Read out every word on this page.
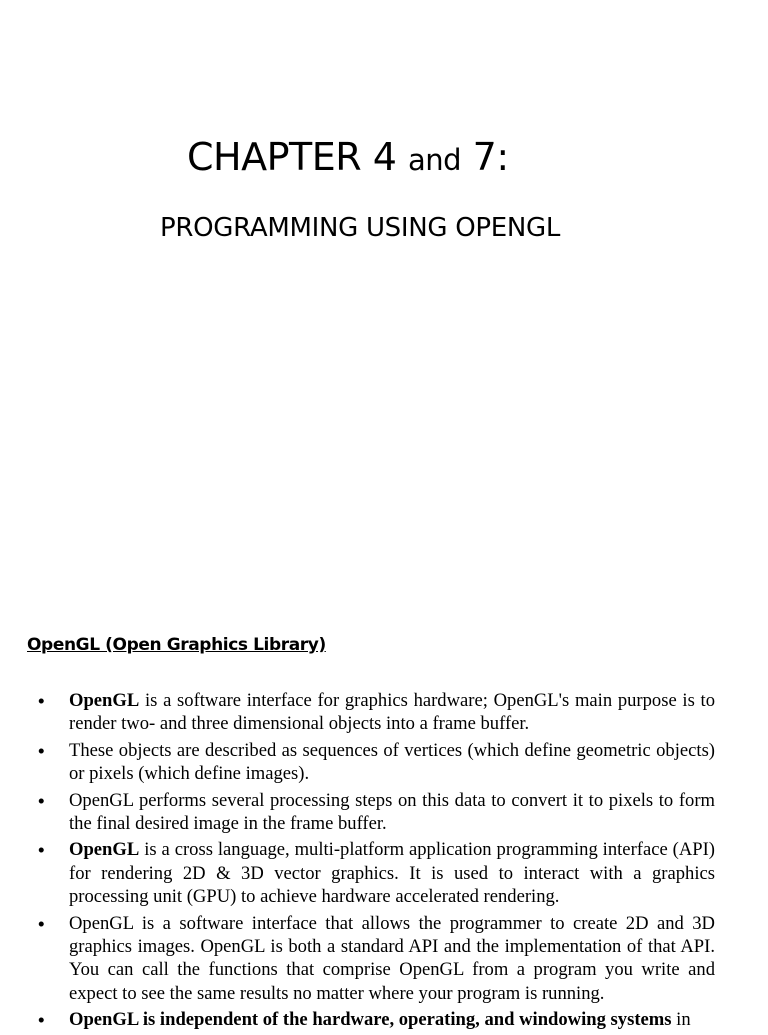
CHAPTER 4 and 7:
PROGRAMMING USING OPENGL
OpenGL (Open Graphics Library)
• OpenGL is a software interface for graphics hardware; OpenGL's main purpose is to render two- and three dimensional objects into a frame buffer.
• These objects are described as sequences of vertices (which define geometric objects) or pixels (which define images).
• OpenGL performs several processing steps on this data to convert it to pixels to form the final desired image in the frame buffer.
• OpenGL is a cross language, multi-platform application programming interface (API) for rendering 2D & 3D vector graphics. It is used to interact with a graphics processing unit (GPU) to achieve hardware accelerated rendering.
• OpenGL is a software interface that allows the programmer to create 2D and 3D graphics images. OpenGL is both a standard API and the implementation of that API. You can call the functions that comprise OpenGL from a program you write and expect to see the same results no matter where your program is running.
• OpenGL is independent of the hardware, operating, and windowing systems in
